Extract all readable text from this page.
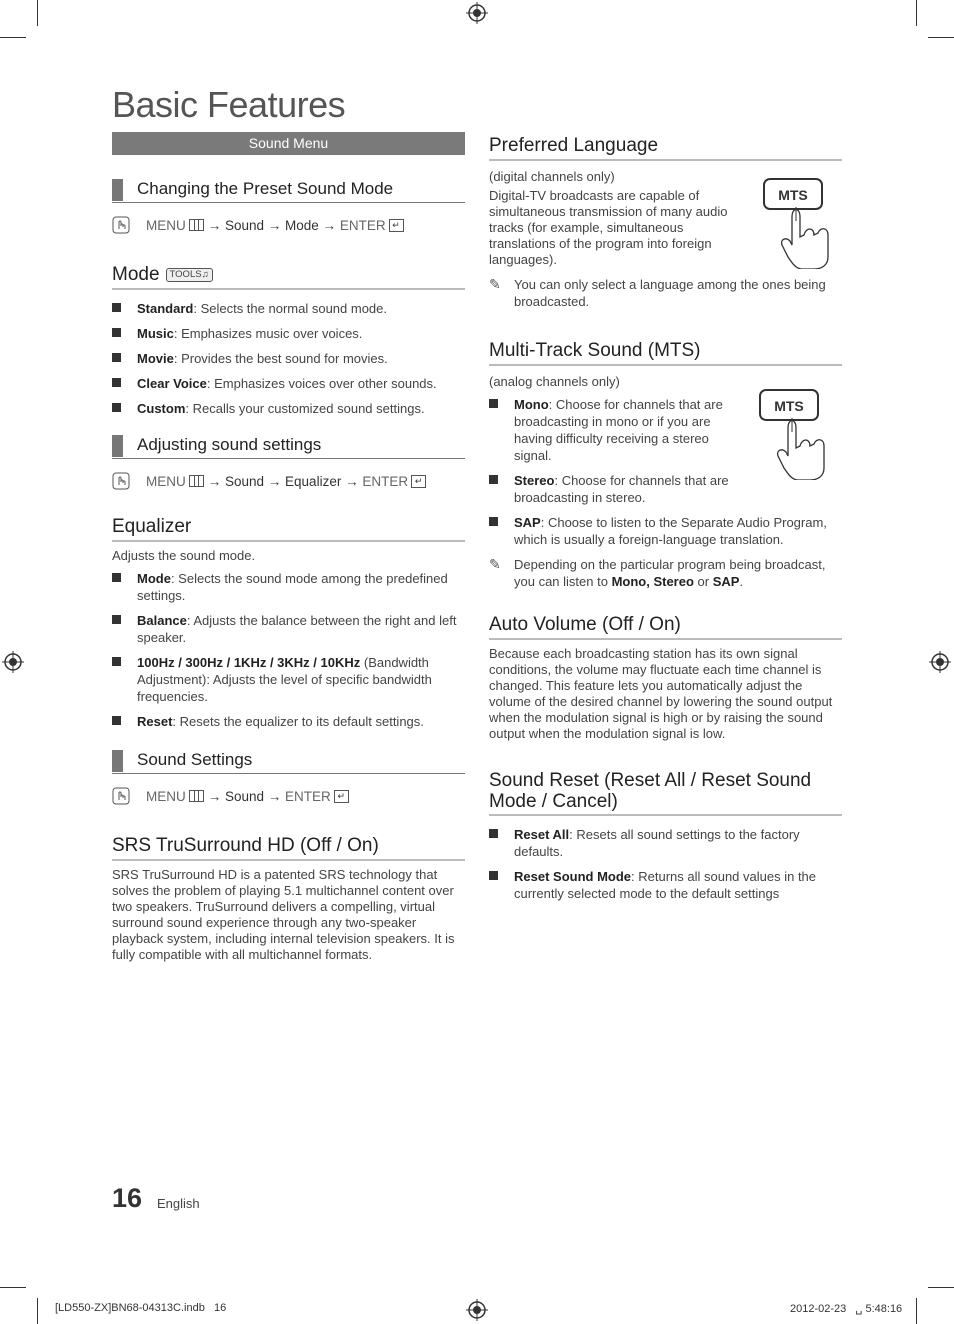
Basic Features
Sound Menu
Changing the Preset Sound Mode
MENU → Sound → Mode → ENTER ↵
Mode	TOOLS♫
Standard: Selects the normal sound mode.
Music: Emphasizes music over voices.
Movie: Provides the best sound for movies.
Clear Voice: Emphasizes voices over other sounds.
Custom: Recalls your customized sound settings.
Adjusting sound settings
MENU → Sound → Equalizer → ENTER ↵
Equalizer
Adjusts the sound mode.
Mode: Selects the sound mode among the predefined settings.
Balance: Adjusts the balance between the right and left speaker.
100Hz / 300Hz / 1KHz / 3KHz / 10KHz (Bandwidth Adjustment): Adjusts the level of specific bandwidth frequencies.
Reset: Resets the equalizer to its default settings.
Sound Settings
MENU → Sound → ENTER ↵
SRS TruSurround HD (Off / On)
SRS TruSurround HD is a patented SRS technology that solves the problem of playing 5.1 multichannel content over two speakers. TruSurround delivers a compelling, virtual surround sound experience through any two-speaker playback system, including internal television speakers. It is fully compatible with all multichannel formats.
Preferred Language
(digital channels only)
Digital-TV broadcasts are capable of simultaneous transmission of many audio tracks (for example, simultaneous translations of the program into foreign languages).
MTS
✎ You can only select a language among the ones being broadcasted.
Multi-Track Sound (MTS)
(analog channels only)
Mono: Choose for channels that are broadcasting in mono or if you are having difficulty receiving a stereo signal.
Stereo: Choose for channels that are broadcasting in stereo.
SAP: Choose to listen to the Separate Audio Program, which is usually a foreign-language translation.
MTS
✎ Depending on the particular program being broadcast, you can listen to Mono, Stereo or SAP.
Auto Volume (Off / On)
Because each broadcasting station has its own signal conditions, the volume may fluctuate each time channel is changed. This feature lets you automatically adjust the volume of the desired channel by lowering the sound output when the modulation signal is high or by raising the sound output when the modulation signal is low.
Sound Reset (Reset All / Reset Sound Mode / Cancel)
Reset All: Resets all sound settings to the factory defaults.
Reset Sound Mode: Returns all sound values in the currently selected mode to the default settings
16 English
[LD550-ZX]BN68-04313C.indb   16	2012-02-23   ␣ 5:48:16
